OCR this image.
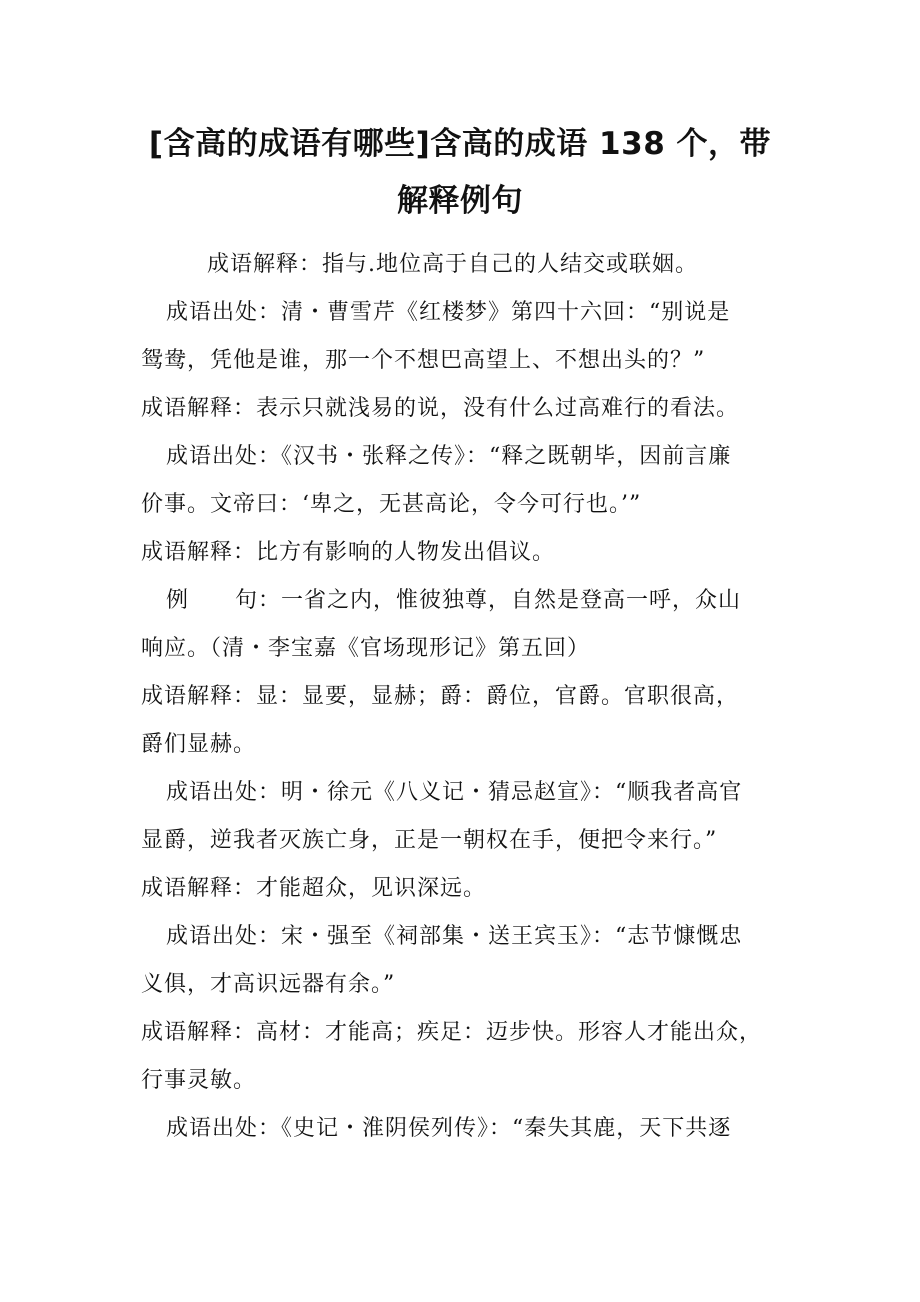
[含高的成语有哪些]含高的成语 138 个，带
解释例句
成语解释：指与.地位高于自己的人结交或联姻。
成语出处：清・曹雪芹《红楼梦》第四十六回：“别说是
鸳鸯，凭他是谁，那一个不想巴高望上、不想出头的？”
成语解释：表示只就浅易的说，没有什么过高难行的看法。
成语出处：《汉书・张释之传》：“释之既朝毕，因前言廉
价事。文帝曰：‘卑之，无甚高论，令今可行也。’”
成语解释：比方有影响的人物发出倡议。
例　　句：一省之内，惟彼独尊，自然是登高一呼，众山
响应。（清・李宝嘉《官场现形记》第五回）
成语解释：显：显要，显赫；爵：爵位，官爵。官职很高，
爵们显赫。
成语出处：明・徐元《八义记・猜忌赵宣》：“顺我者高官
显爵，逆我者灭族亡身，正是一朝权在手，便把令来行。”
成语解释：才能超众，见识深远。
成语出处：宋・强至《祠部集・送王宾玉》：“志节慷慨忠
义俱，才高识远器有余。”
成语解释：高材：才能高；疾足：迈步快。形容人才能出众，
行事灵敏。
成语出处：《史记・淮阴侯列传》：“秦失其鹿，天下共逐
